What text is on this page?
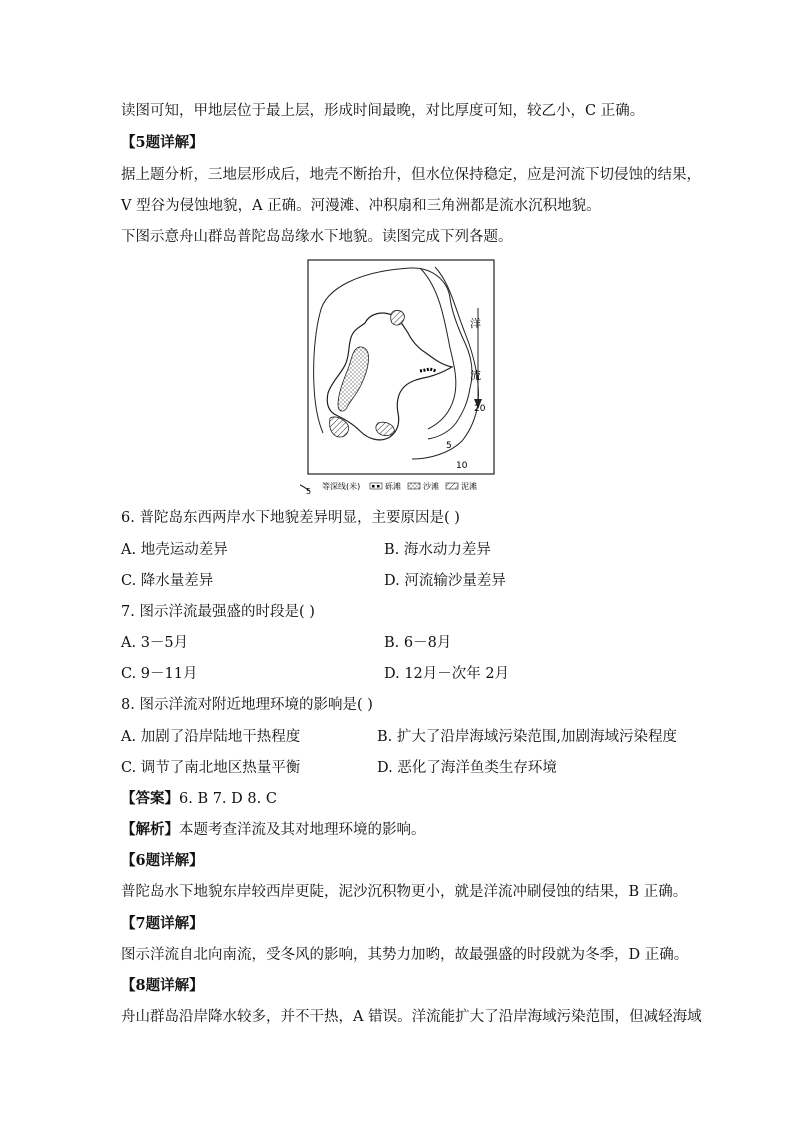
读图可知，甲地层位于最上层，形成时间最晚，对比厚度可知，较乙小，C 正确。
【5题详解】
据上题分析，三地层形成后，地壳不断抬升，但水位保持稳定，应是河流下切侵蚀的结果，
V 型谷为侵蚀地貌，A 正确。河漫滩、冲积扇和三角洲都是流水沉积地貌。
下图示意舟山群岛普陀岛岛缘水下地貌。读图完成下列各题。
洋
流
20
5
10
5
等深线(米)	砾滩	沙滩	泥滩
6. 普陀岛东西两岸水下地貌差异明显，主要原因是( )
A. 地壳运动差异	B. 海水动力差异
C. 降水量差异	D. 河流输沙量差异
7. 图示洋流最强盛的时段是( )
A. 3－5月	B. 6－8月
C. 9－11月	D. 12月－次年 2月
8. 图示洋流对附近地理环境的影响是( )
A. 加剧了沿岸陆地干热程度	B. 扩大了沿岸海域污染范围,加剧海域污染程度
C. 调节了南北地区热量平衡	D. 恶化了海洋鱼类生存环境
【答案】6. B 7. D 8. C
【解析】本题考查洋流及其对地理环境的影响。
【6题详解】
普陀岛水下地貌东岸较西岸更陡，泥沙沉积物更小，就是洋流冲刷侵蚀的结果，B 正确。
【7题详解】
图示洋流自北向南流，受冬风的影响，其势力加哟，故最强盛的时段就为冬季，D 正确。
【8题详解】
舟山群岛沿岸降水较多，并不干热，A 错误。洋流能扩大了沿岸海域污染范围，但减轻海域
